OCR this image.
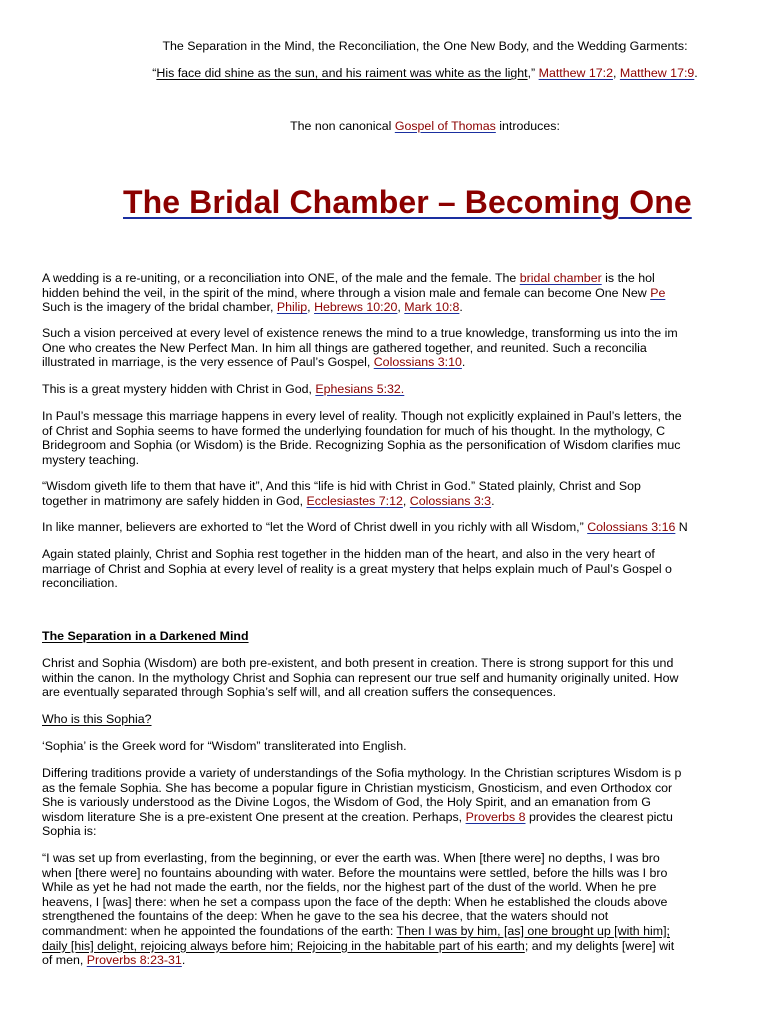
The Separation in the Mind, the Reconciliation, the One New Body, and the Wedding Garments:
“His face did shine as the sun, and his raiment was white as the light,” Matthew 17:2, Matthew 17:9.
The non canonical Gospel of Thomas introduces:
The Bridal Chamber – Becoming One
A wedding is a re-uniting, or a reconciliation into ONE, of the male and the female. The bridal chamber is the hol
hidden behind the veil, in the spirit of the mind, where through a vision male and female can become One New Pe
Such is the imagery of the bridal chamber, Philip, Hebrews 10:20, Mark 10:8.
Such a vision perceived at every level of existence renews the mind to a true knowledge, transforming us into the im
One who creates the New Perfect Man. In him all things are gathered together, and reunited. Such a reconcilia
illustrated in marriage, is the very essence of Paul’s Gospel, Colossians 3:10.
This is a great mystery hidden with Christ in God, Ephesians 5:32.
In Paul’s message this marriage happens in every level of reality. Though not explicitly explained in Paul’s letters, the
of Christ and Sophia seems to have formed the underlying foundation for much of his thought. In the mythology, C
Bridegroom and Sophia (or Wisdom) is the Bride. Recognizing Sophia as the personification of Wisdom clarifies muc
mystery teaching.
“Wisdom giveth life to them that have it”, And this “life is hid with Christ in God.” Stated plainly, Christ and Sop
together in matrimony are safely hidden in God, Ecclesiastes 7:12, Colossians 3:3.
In like manner, believers are exhorted to “let the Word of Christ dwell in you richly with all Wisdom,” Colossians 3:16 N
Again stated plainly, Christ and Sophia rest together in the hidden man of the heart, and also in the very heart of
marriage of Christ and Sophia at every level of reality is a great mystery that helps explain much of Paul’s Gospel o
reconciliation.
The Separation in a Darkened Mind
Christ and Sophia (Wisdom) are both pre-existent, and both present in creation. There is strong support for this und
within the canon. In the mythology Christ and Sophia can represent our true self and humanity originally united. How
are eventually separated through Sophia’s self will, and all creation suffers the consequences.
Who is this Sophia?
‘Sophia’ is the Greek word for “Wisdom” transliterated into English.
Differing traditions provide a variety of understandings of the Sofia mythology. In the Christian scriptures Wisdom is p
as the female Sophia. She has become a popular figure in Christian mysticism, Gnosticism, and even Orthodox cor
She is variously understood as the Divine Logos, the Wisdom of God, the Holy Spirit, and an emanation from G
wisdom literature She is a pre-existent One present at the creation. Perhaps, Proverbs 8 provides the clearest pictu
Sophia is:
“I was set up from everlasting, from the beginning, or ever the earth was. When [there were] no depths, I was bro
when [there were] no fountains abounding with water. Before the mountains were settled, before the hills was I bro
While as yet he had not made the earth, nor the fields, nor the highest part of the dust of the world. When he pre
heavens, I [was] there: when he set a compass upon the face of the depth: When he established the clouds above
strengthened the fountains of the deep: When he gave to the sea his decree, that the waters should not
commandment: when he appointed the foundations of the earth: Then I was by him, [as] one brought up [with him];
daily [his] delight, rejoicing always before him; Rejoicing in the habitable part of his earth; and my delights [were] wit
of men, Proverbs 8:23-31.
